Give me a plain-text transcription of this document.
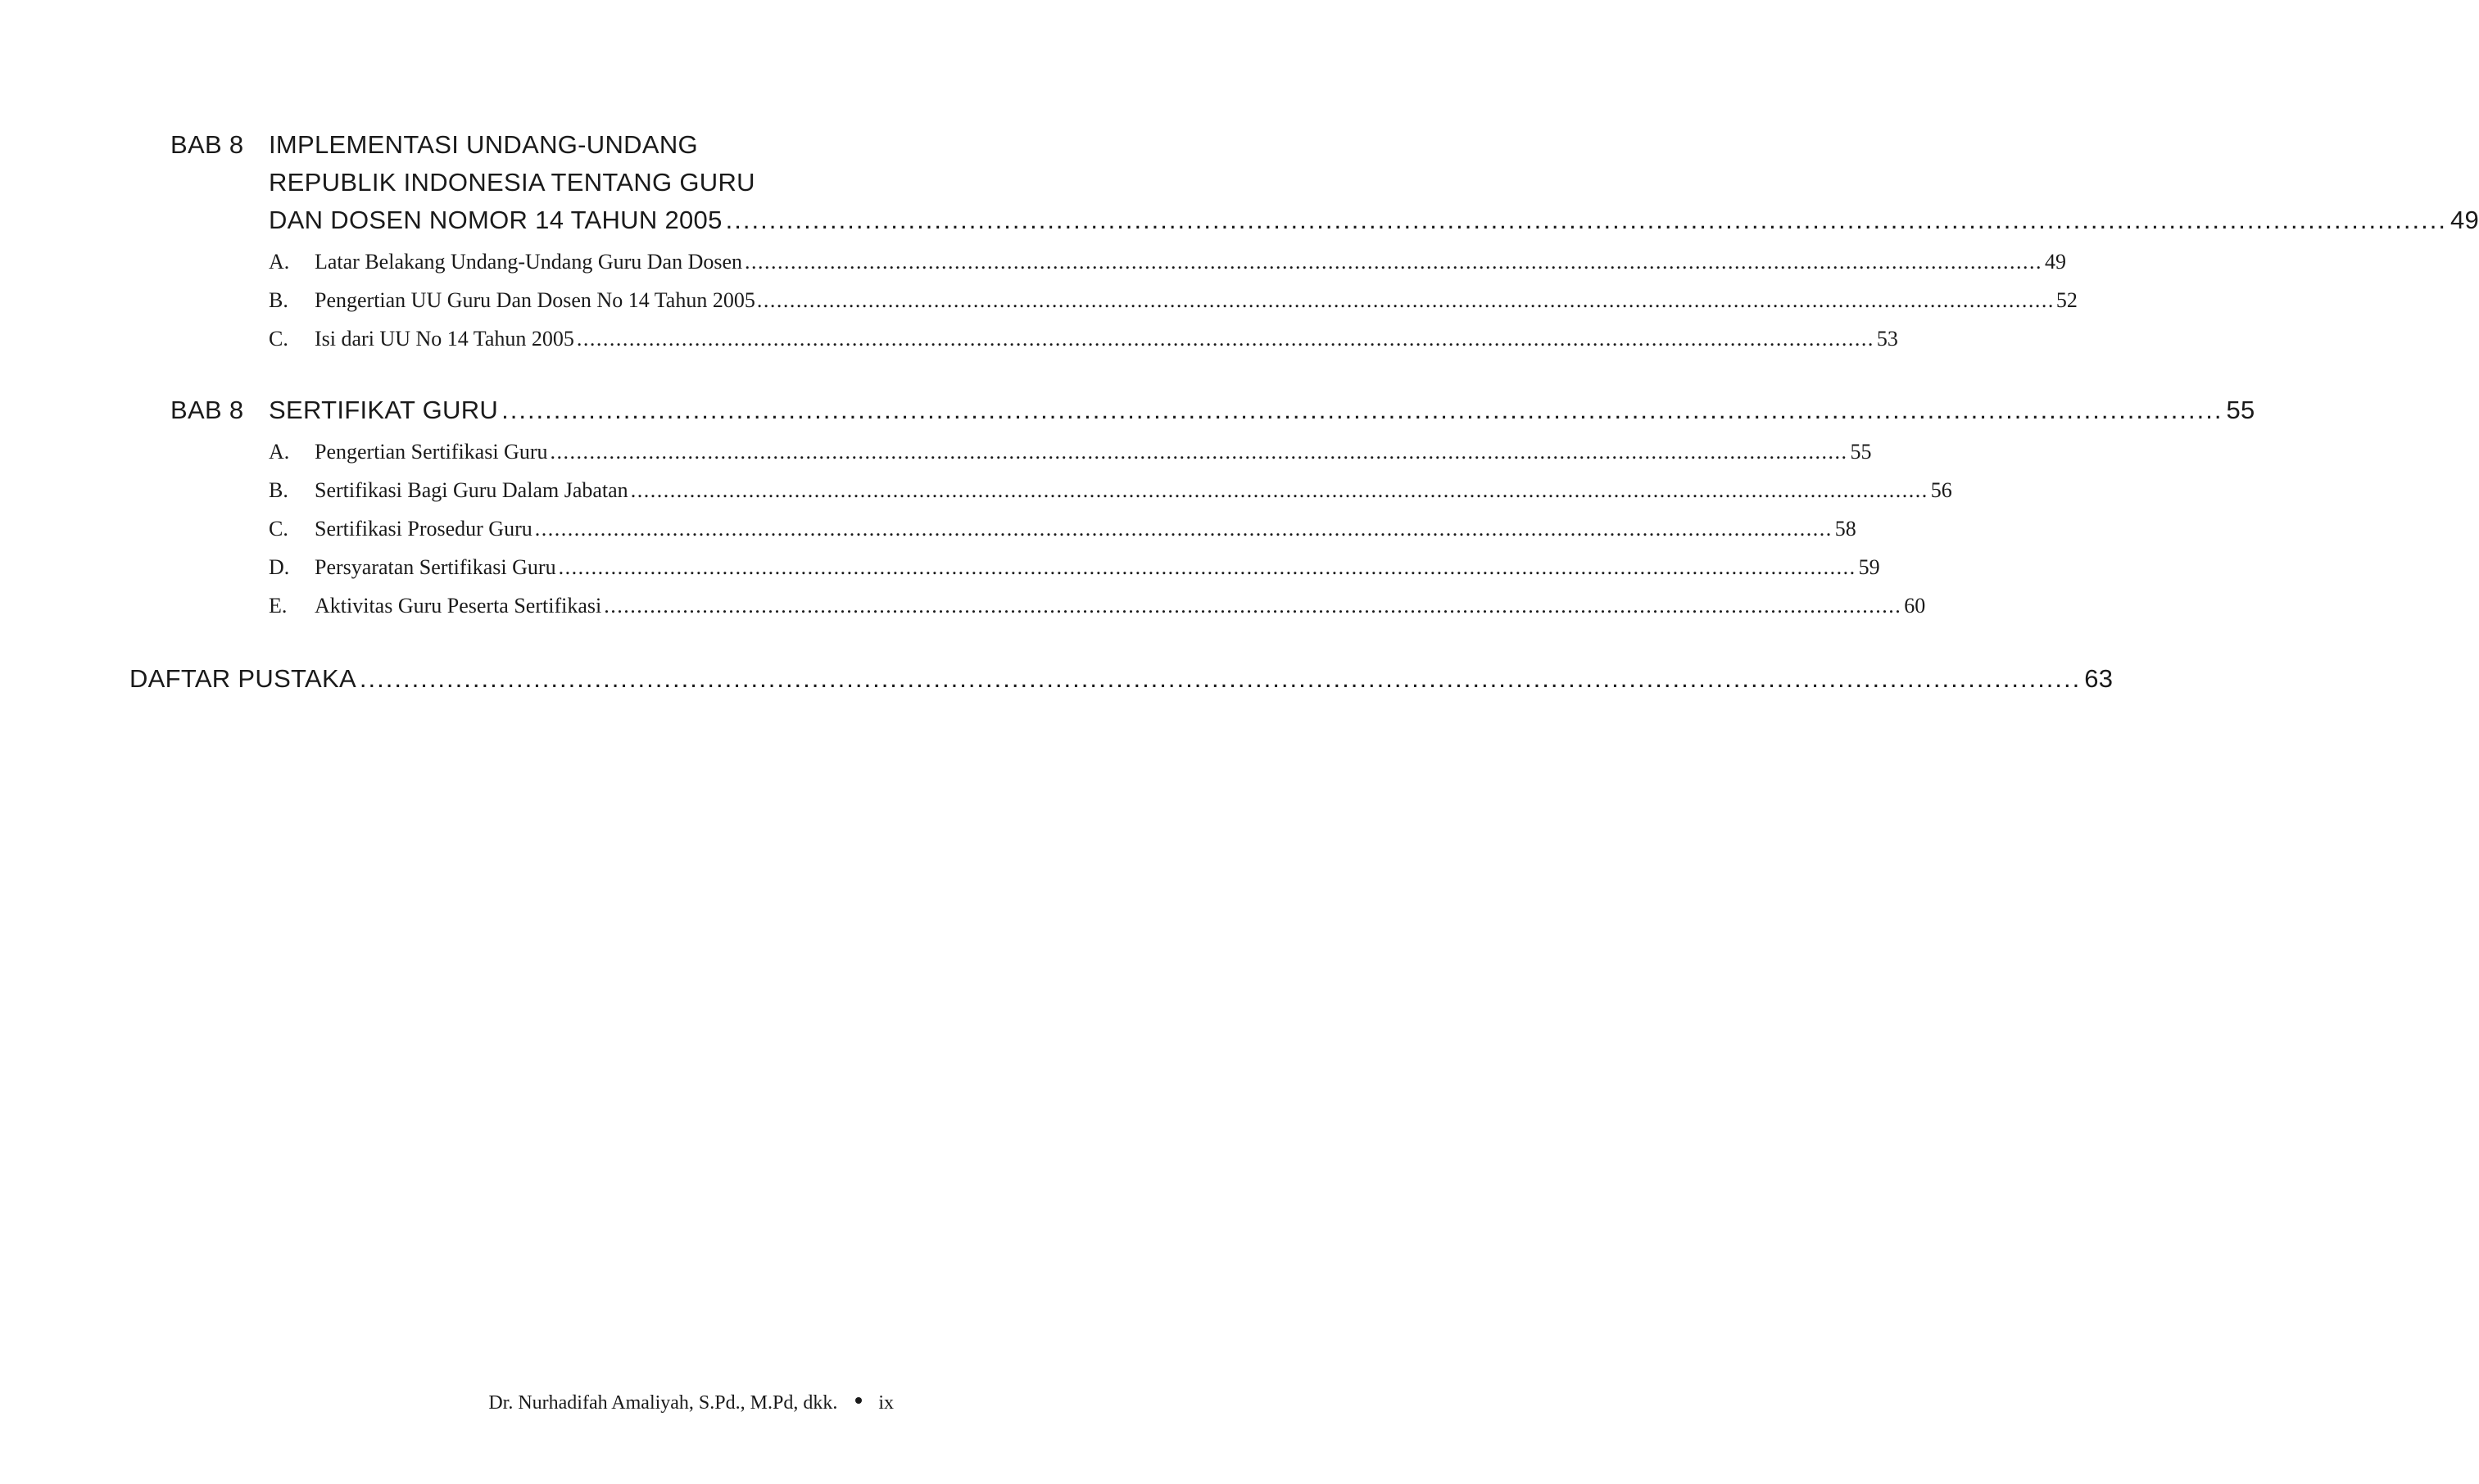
BAB 8 IMPLEMENTASI UNDANG-UNDANG
REPUBLIK INDONESIA TENTANG GURU
DAN DOSEN NOMOR 14 TAHUN 2005 .....	49
A.	Latar Belakang Undang-Undang Guru Dan Dosen .....	49
B.	Pengertian UU Guru Dan Dosen No 14 Tahun 2005 .....	52
C.	Isi dari UU No 14 Tahun 2005 .....	53
BAB 8 SERTIFIKAT GURU .....	55
A.	Pengertian Sertifikasi Guru .....	55
B.	Sertifikasi Bagi Guru Dalam Jabatan .....	56
C.	Sertifikasi Prosedur Guru .....	58
D.	Persyaratan Sertifikasi Guru .....	59
E.	Aktivitas Guru Peserta Sertifikasi .....	60
DAFTAR PUSTAKA .....	63
Dr. Nurhadifah Amaliyah, S.Pd., M.Pd, dkk. ix
